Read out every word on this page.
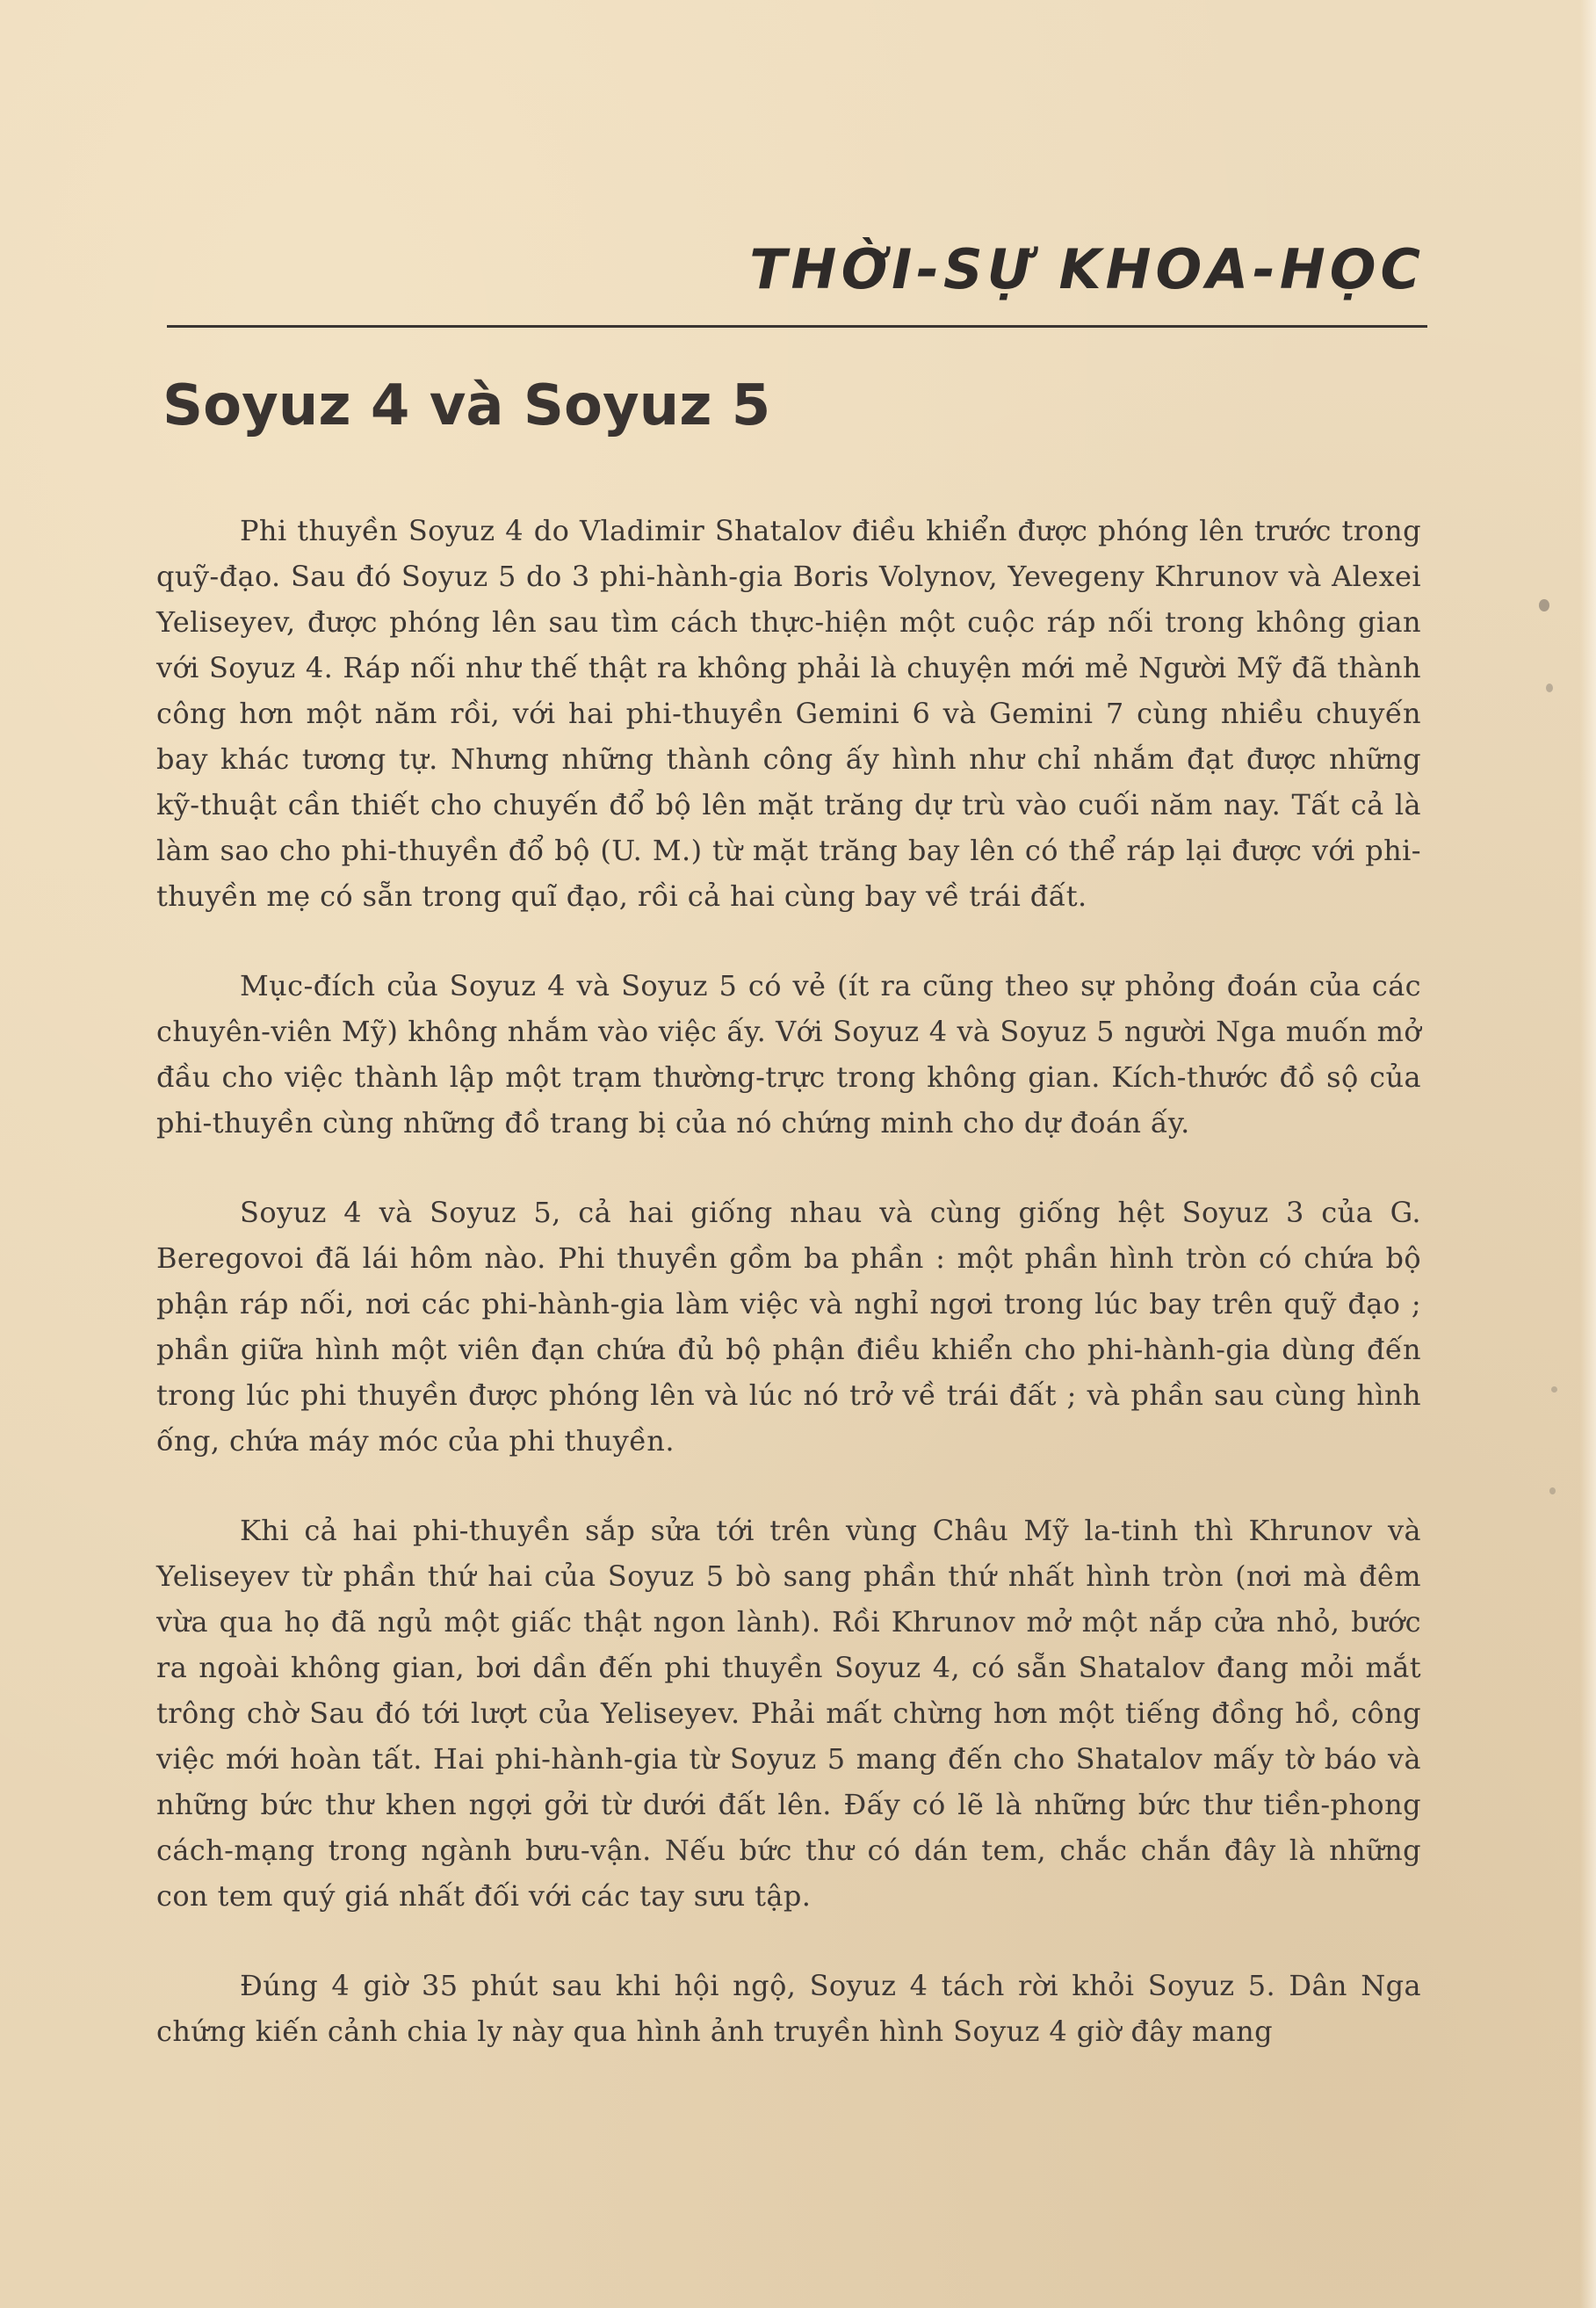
THỜI-SỰ KHOA-HỌC
Soyuz 4 và Soyuz 5

Phi thuyền Soyuz 4 do Vladimir Shatalov điều khiển được phóng lên trước trong quỹ-đạo. Sau đó Soyuz 5 do 3 phi-hành-gia Boris Volynov, Yevegeny Khrunov và Alexei Yeliseyev, được phóng lên sau tìm cách thực-hiện một cuộc ráp nối trong không gian với Soyuz 4. Ráp nối như thế thật ra không phải là chuyện mới mẻ Người Mỹ đã thành công hơn một năm rồi, với hai phi-thuyền Gemini 6 và Gemini 7 cùng nhiều chuyến bay khác tương tự. Nhưng những thành công ấy hình như chỉ nhắm đạt được những kỹ-thuật cần thiết cho chuyến đổ bộ lên mặt trăng dự trù vào cuối năm nay. Tất cả là làm sao cho phi-thuyền đổ bộ (U. M.) từ mặt trăng bay lên có thể ráp lại được với phi-thuyền mẹ có sẵn trong quĩ đạo, rồi cả hai cùng bay về trái đất.

Mục-đích của Soyuz 4 và Soyuz 5 có vẻ (ít ra cũng theo sự phỏng đoán của các chuyên-viên Mỹ) không nhắm vào việc ấy. Với Soyuz 4 và Soyuz 5 người Nga muốn mở đầu cho việc thành lập một trạm thường-trực trong không gian. Kích-thước đồ sộ của phi-thuyền cùng những đồ trang bị của nó chứng minh cho dự đoán ấy.

Soyuz 4 và Soyuz 5, cả hai giống nhau và cùng giống hệt Soyuz 3 của G. Beregovoi đã lái hôm nào. Phi thuyền gồm ba phần : một phần hình tròn có chứa bộ phận ráp nối, nơi các phi-hành-gia làm việc và nghỉ ngơi trong lúc bay trên quỹ đạo ; phần giữa hình một viên đạn chứa đủ bộ phận điều khiển cho phi-hành-gia dùng đến trong lúc phi thuyền được phóng lên và lúc nó trở về trái đất ; và phần sau cùng hình ống, chứa máy móc của phi thuyền.

Khi cả hai phi-thuyền sắp sửa tới trên vùng Châu Mỹ la-tinh thì Khrunov và Yeliseyev từ phần thứ hai của Soyuz 5 bò sang phần thứ nhất hình tròn (nơi mà đêm vừa qua họ đã ngủ một giấc thật ngon lành). Rồi Khrunov mở một nắp cửa nhỏ, bước ra ngoài không gian, bơi dần đến phi thuyền Soyuz 4, có sẵn Shatalov đang mỏi mắt trông chờ Sau đó tới lượt của Yeliseyev. Phải mất chừng hơn một tiếng đồng hồ, công việc mới hoàn tất. Hai phi-hành-gia từ Soyuz 5 mang đến cho Shatalov mấy tờ báo và những bức thư khen ngợi gởi từ dưới đất lên. Đấy có lẽ là những bức thư tiền-phong cách-mạng trong ngành bưu-vận. Nếu bức thư có dán tem, chắc chắn đây là những con tem quý giá nhất đối với các tay sưu tập.

Đúng 4 giờ 35 phút sau khi hội ngộ, Soyuz 4 tách rời khỏi Soyuz 5. Dân Nga chứng kiến cảnh chia ly này qua hình ảnh truyền hình Soyuz 4 giờ đây mang
